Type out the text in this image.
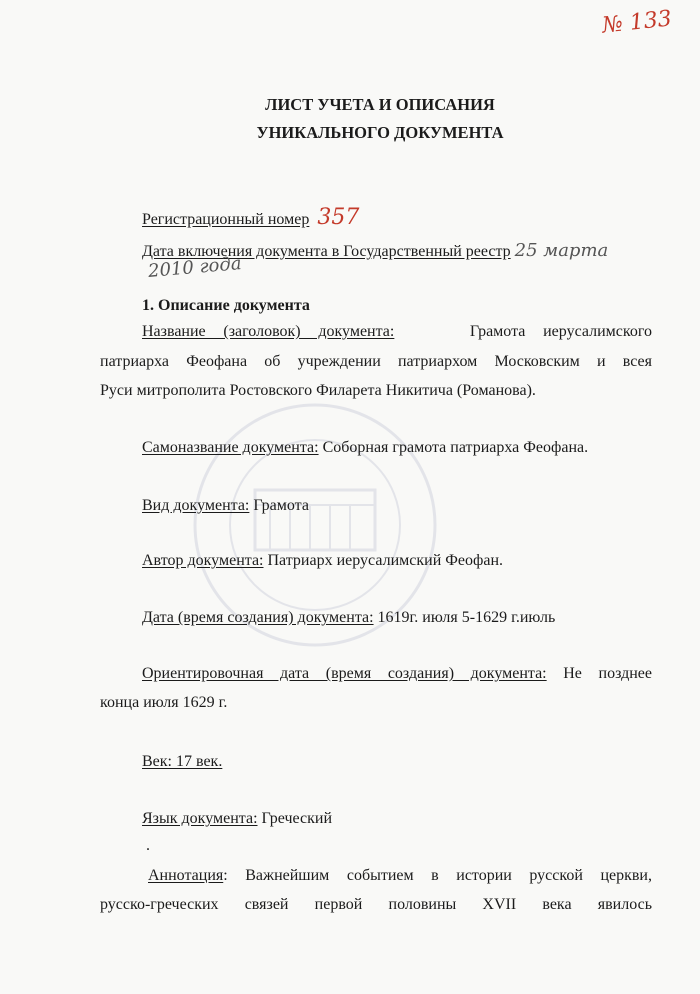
№ 133
ЛИСТ УЧЕТА И ОПИСАНИЯ
УНИКАЛЬНОГО ДОКУМЕНТА
Регистрационный номер 357
Дата включения документа в Государственный реестр 25 марта
2010 года
1. Описание документа
Название (заголовок) документа:	Грамота иерусалимского
патриарха Феофана об учреждении патриархом Московским и всея
Руси митрополита Ростовского Филарета Никитича (Романова).
Самоназвание документа: Соборная грамота патриарха Феофана.
Вид документа: Грамота
Автор документа: Патриарх иерусалимский Феофан.
Дата (время создания) документа: 1619г. июля 5-1629 г.июль
Ориентировочная дата (время создания) документа: Не позднее
конца июля 1629 г.
Век: 17 век.
Язык документа: Греческий
.
Аннотация: Важнейшим событием в истории русской церкви,
русско-греческих связей первой половины XVII века явилось
